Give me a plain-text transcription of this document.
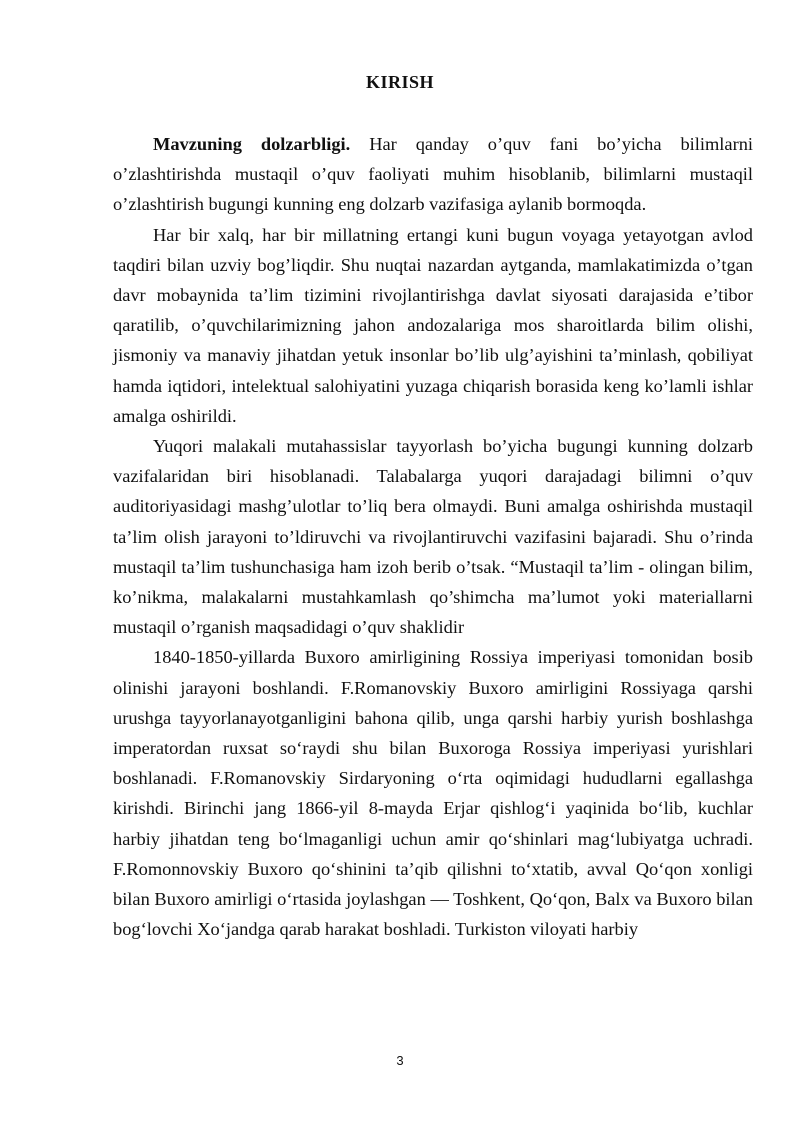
KIRISH

Mavzuning dolzarbligi. Har qanday o’quv fani bo’yicha bilimlarni o’zlashtirishda mustaqil o’quv faoliyati muhim hisoblanib, bilimlarni mustaqil o’zlashtirish bugungi kunning eng dolzarb vazifasiga aylanib bormoqda.

Har bir xalq, har bir millatning ertangi kuni bugun voyaga yetayotgan avlod taqdiri bilan uzviy bog’liqdir. Shu nuqtai nazardan aytganda, mamlakatimizda o’tgan davr mobaynida ta’lim tizimini rivojlantirishga davlat siyosati darajasida e’tibor qaratilib, o’quvchilarimizning jahon andozalariga mos sharoitlarda bilim olishi, jismoniy va manaviy jihatdan yetuk insonlar bo’lib ulg’ayishini ta’minlash, qobiliyat hamda iqtidori, intelektual salohiyatini yuzaga chiqarish borasida keng ko’lamli ishlar amalga oshirildi.

Yuqori malakali mutahassislar tayyorlash bo’yicha bugungi kunning dolzarb vazifalaridan biri hisoblanadi. Talabalarga yuqori darajadagi bilimni o’quv auditoriyasidagi mashg’ulotlar to’liq bera olmaydi. Buni amalga oshirishda mustaqil ta’lim olish jarayoni to’ldiruvchi va rivojlantiruvchi vazifasini bajaradi. Shu o’rinda mustaqil ta’lim tushunchasiga ham izoh berib o’tsak. “Mustaqil ta’lim - olingan bilim, ko’nikma, malakalarni mustahkamlash qo’shimcha ma’lumot yoki materiallarni mustaqil o’rganish maqsadidagi o’quv shaklidir

1840-1850-yillarda Buxoro amirligining Rossiya imperiyasi tomonidan bosib olinishi jarayoni boshlandi. F.Romanovskiy Buxoro amirligini Rossiyaga qarshi urushga tayyorlanayotganligini bahona qilib, unga qarshi harbiy yurish boshlashga imperatordan ruxsat so‘raydi shu bilan Buxoroga Rossiya imperiyasi yurishlari boshlanadi. F.Romanovskiy Sirdaryoning o‘rta oqimidagi hududlarni egallashga kirishdi. Birinchi jang 1866-yil 8-mayda Erjar qishlog‘i yaqinida bo‘lib, kuchlar harbiy jihatdan teng bo‘lmaganligi uchun amir qo‘shinlari mag‘lubiyatga uchradi. F.Romonnovskiy Buxoro qo‘shinini ta’qib qilishni to‘xtatib, avval Qo‘qon xonligi bilan Buxoro amirligi o‘rtasida joylashgan — Toshkent, Qo‘qon, Balx va Buxoro bilan bog‘lovchi Xo‘jandga qarab harakat boshladi. Turkiston viloyati harbiy

3
